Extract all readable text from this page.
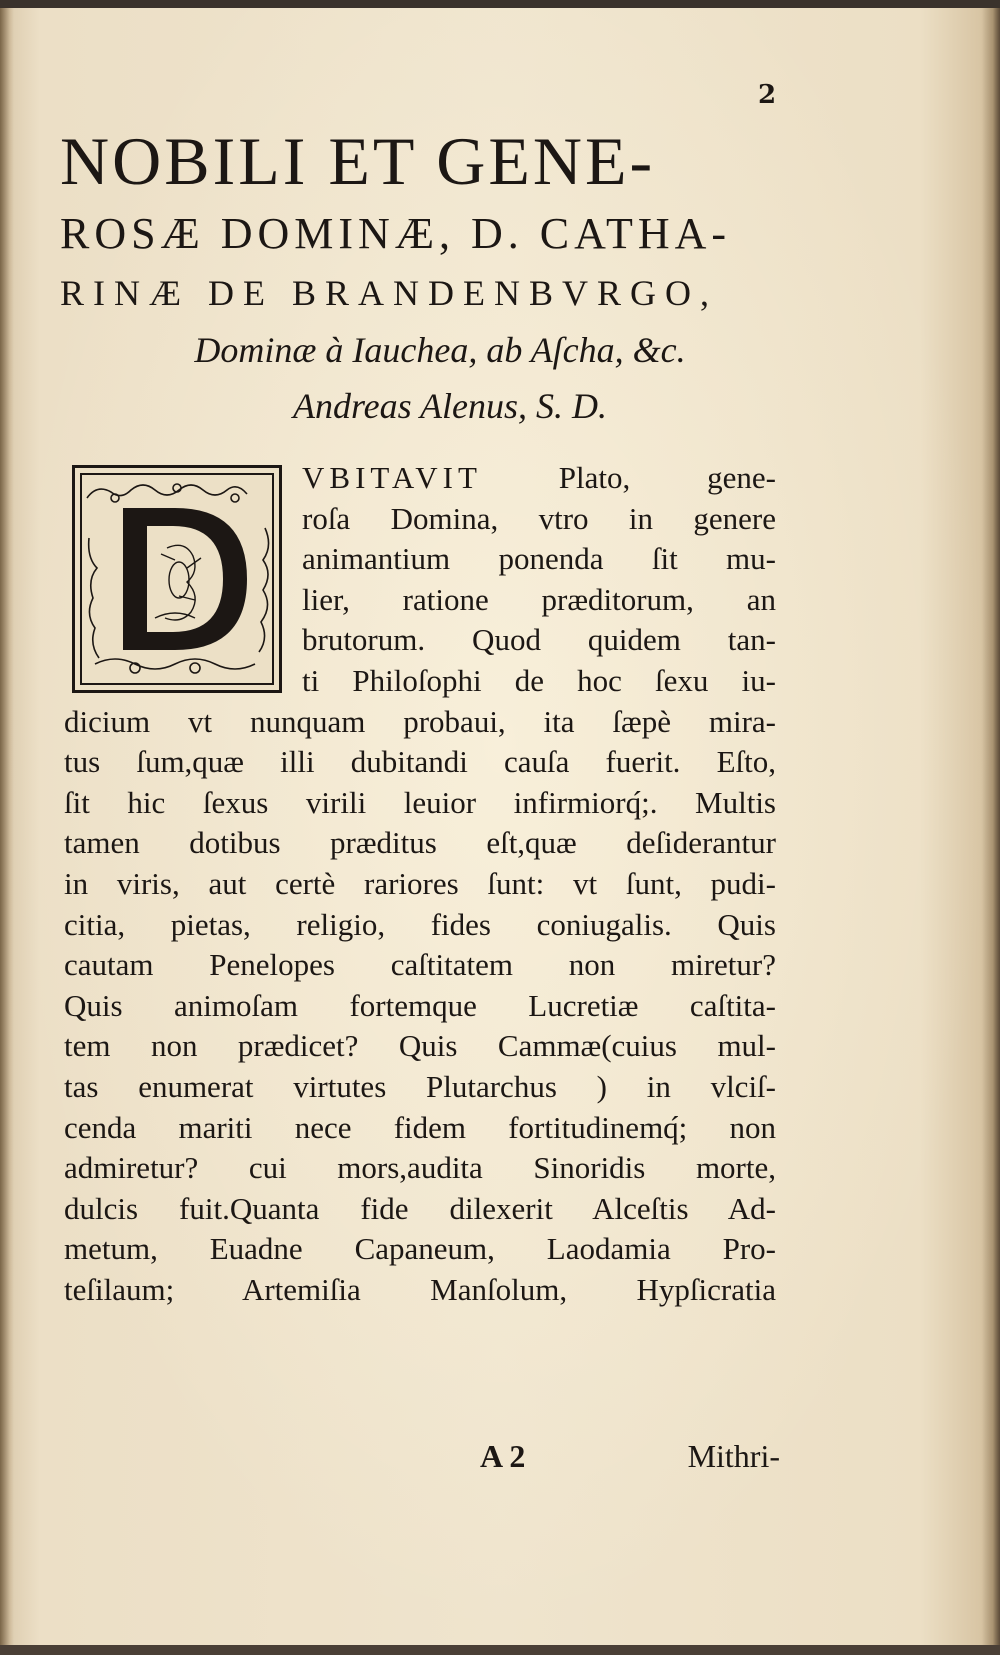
2
NOBILI ET GENE-
ROSÆ DOMINÆ, D. CATHA-
RINÆ DE BRANDENBVRGO,
Dominæ à Iauchea, ab Aſcha, &c.
Andreas Alenus, S. D.
VBITAVIT Plato, gene-
roſa Domina, vtro in genere
animantium ponenda ſit mu-
lier, ratione præditorum, an
brutorum. Quod quidem tan-
ti Philoſophi de hoc ſexu iu-
dicium vt nunquam probaui, ita ſæpè mira-
tus ſum,quæ illi dubitandi cauſa fuerit. Eſto,
ſit hic ſexus virili leuior infirmiorq́;. Multis
tamen dotibus præditus eſt,quæ deſiderantur
in viris, aut certè rariores ſunt: vt ſunt, pudi-
citia, pietas, religio, fides coniugalis. Quis
cautam Penelopes caſtitatem non miretur?
Quis animoſam fortemque Lucretiæ caſtita-
tem non prædicet? Quis Cammæ(cuius mul-
tas enumerat virtutes Plutarchus ) in vlciſ-
cenda mariti nece fidem fortitudinemq́; non
admiretur? cui mors,audita Sinoridis morte,
dulcis fuit.Quanta fide dilexerit Alceſtis Ad-
metum, Euadne Capaneum, Laodamia Pro-
teſilaum; Artemiſia Manſolum, Hypſicratia
A 2	Mithri-
